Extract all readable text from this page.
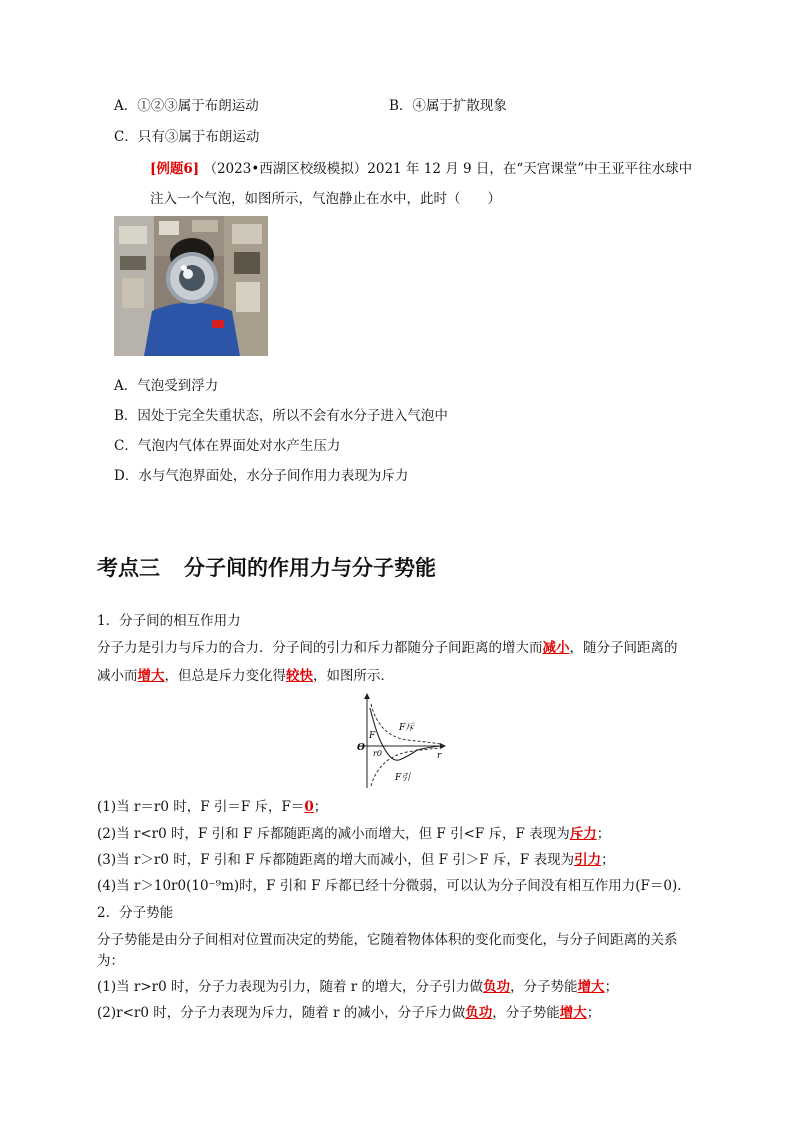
A．①②③属于布朗运动	B．④属于扩散现象
C．只有③属于布朗运动
[例题6] （2023•西湖区校级模拟）2021 年 12 月 9 日，在“天宫课堂”中王亚平往水球中
注入一个气泡，如图所示，气泡静止在水中，此时（　　）
A．气泡受到浮力
B．因处于完全失重状态，所以不会有水分子进入气泡中
C．气泡内气体在界面处对水产生压力
D．水与气泡界面处，水分子间作用力表现为斥力
考点三 分子间的作用力与分子势能
1．分子间的相互作用力
分子力是引力与斥力的合力．分子间的引力和斥力都随分子间距离的增大而减小，随分子间距离的
减小而增大，但总是斥力变化得较快，如图所示．
F斥
F
O
r0	r
F引
(1)当 r＝r0 时，F 引＝F 斥，F＝0；
(2)当 r<r0 时，F 引和 F 斥都随距离的减小而增大，但 F 引<F 斥，F 表现为斥力；
(3)当 r＞r0 时，F 引和 F 斥都随距离的增大而减小，但 F 引＞F 斥，F 表现为引力；
(4)当 r＞10r0(10⁻⁹m)时，F 引和 F 斥都已经十分微弱，可以认为分子间没有相互作用力(F＝0).
2．分子势能
分子势能是由分子间相对位置而决定的势能，它随着物体体积的变化而变化，与分子间距离的关系
为：
(1)当 r>r0 时，分子力表现为引力，随着 r 的增大，分子引力做负功，分子势能增大；
(2)r<r0 时，分子力表现为斥力，随着 r 的减小，分子斥力做负功，分子势能增大；
